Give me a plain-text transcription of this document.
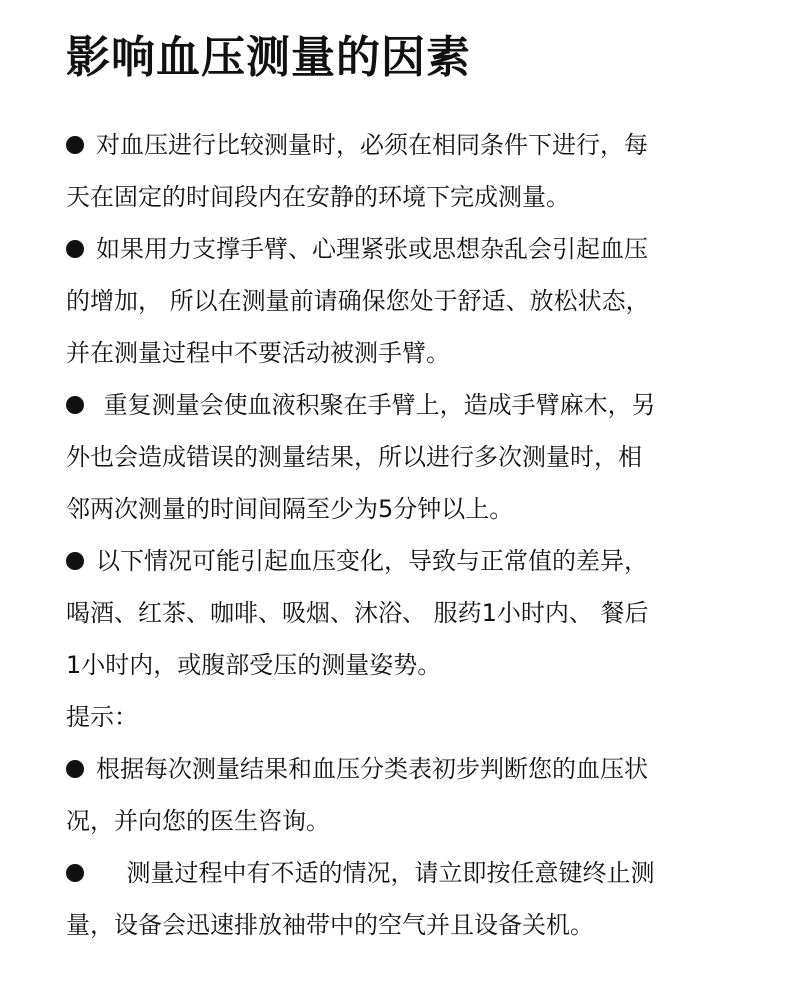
影响血压测量的因素
对血压进行比较测量时，必须在相同条件下进行，每
天在固定的时间段内在安静的环境下完成测量。
如果用力支撑手臂、心理紧张或思想杂乱会引起血压
的增加， 所以在测量前请确保您处于舒适、放松状态，
并在测量过程中不要活动被测手臂。
重复测量会使血液积聚在手臂上，造成手臂麻木，另
外也会造成错误的测量结果，所以进行多次测量时，相
邻两次测量的时间间隔至少为5分钟以上。
以下情况可能引起血压变化，导致与正常值的差异，
喝酒、红茶、咖啡、吸烟、沐浴、 服药1小时内、 餐后
1小时内，或腹部受压的测量姿势。
提示：
根据每次测量结果和血压分类表初步判断您的血压状
况，并向您的医生咨询。
测量过程中有不适的情况，请立即按任意键终止测
量，设备会迅速排放袖带中的空气并且设备关机。
